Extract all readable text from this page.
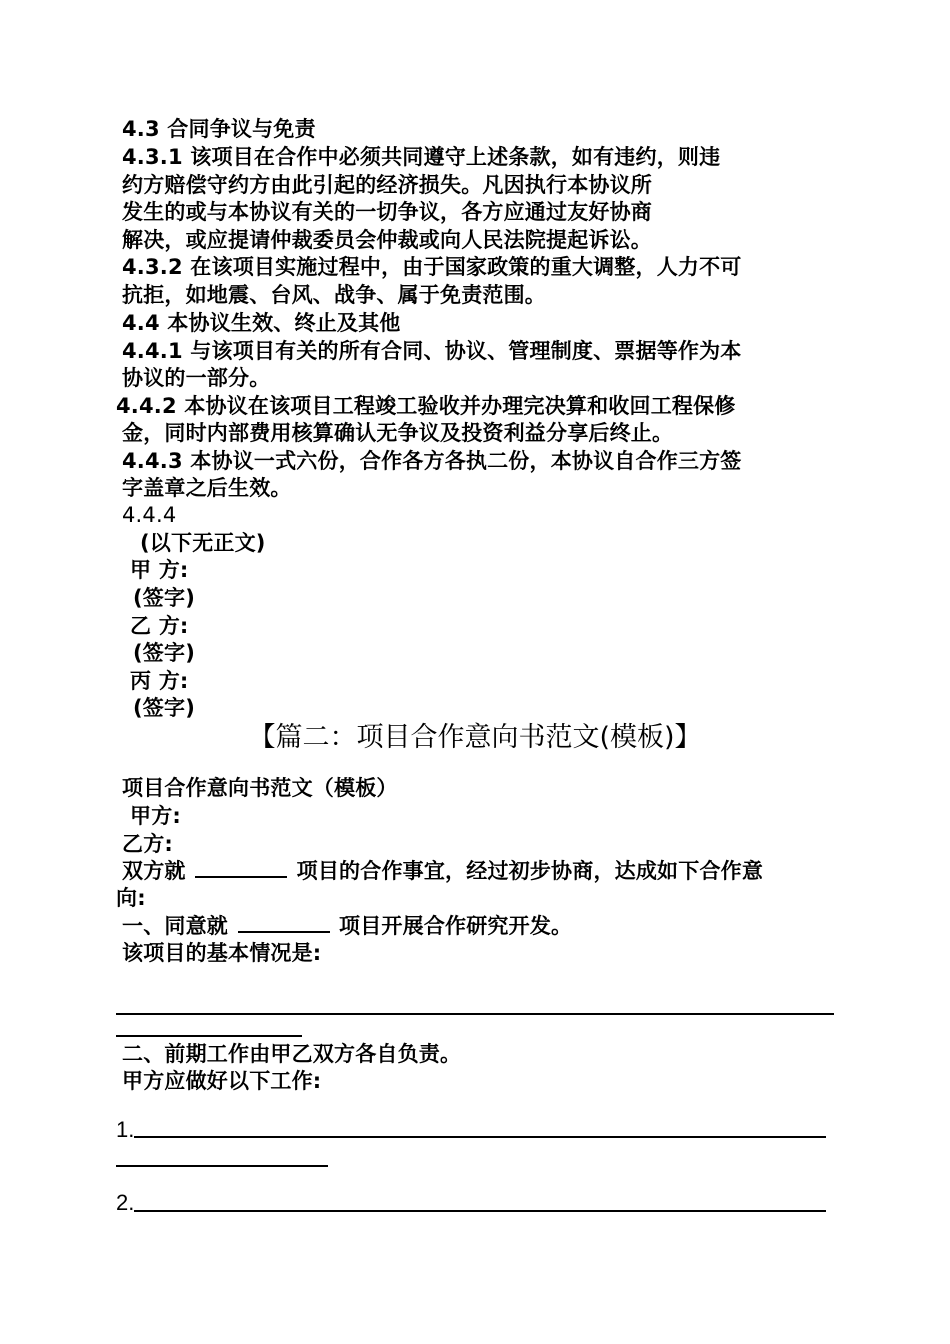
4.3 合同争议与免责
4.3.1 该项目在合作中必须共同遵守上述条款，如有违约，则违
约方赔偿守约方由此引起的经济损失。凡因执行本协议所
发生的或与本协议有关的一切争议，各方应通过友好协商
解决，或应提请仲裁委员会仲裁或向人民法院提起诉讼。
4.3.2 在该项目实施过程中，由于国家政策的重大调整，人力不可
抗拒，如地震、台风、战争、属于免责范围。
4.4 本协议生效、终止及其他
4.4.1 与该项目有关的所有合同、协议、管理制度、票据等作为本
协议的一部分。
4.4.2 本协议在该项目工程竣工验收并办理完决算和收回工程保修
金，同时内部费用核算确认无争议及投资利益分享后终止。
4.4.3 本协议一式六份，合作各方各执二份，本协议自合作三方签
字盖章之后生效。
4.4.4
(以下无正文)
甲 方:
(签字)
乙 方:
(签字)
丙 方:
(签字)
【篇二：项目合作意向书范文(模板)】
项目合作意向书范文（模板）
甲方:
乙方:
双方就	项目的合作事宜，经过初步协商，达成如下合作意
向:
一、同意就	项目开展合作研究开发。
该项目的基本情况是:
二、前期工作由甲乙双方各自负责。
甲方应做好以下工作:
1.
2.
